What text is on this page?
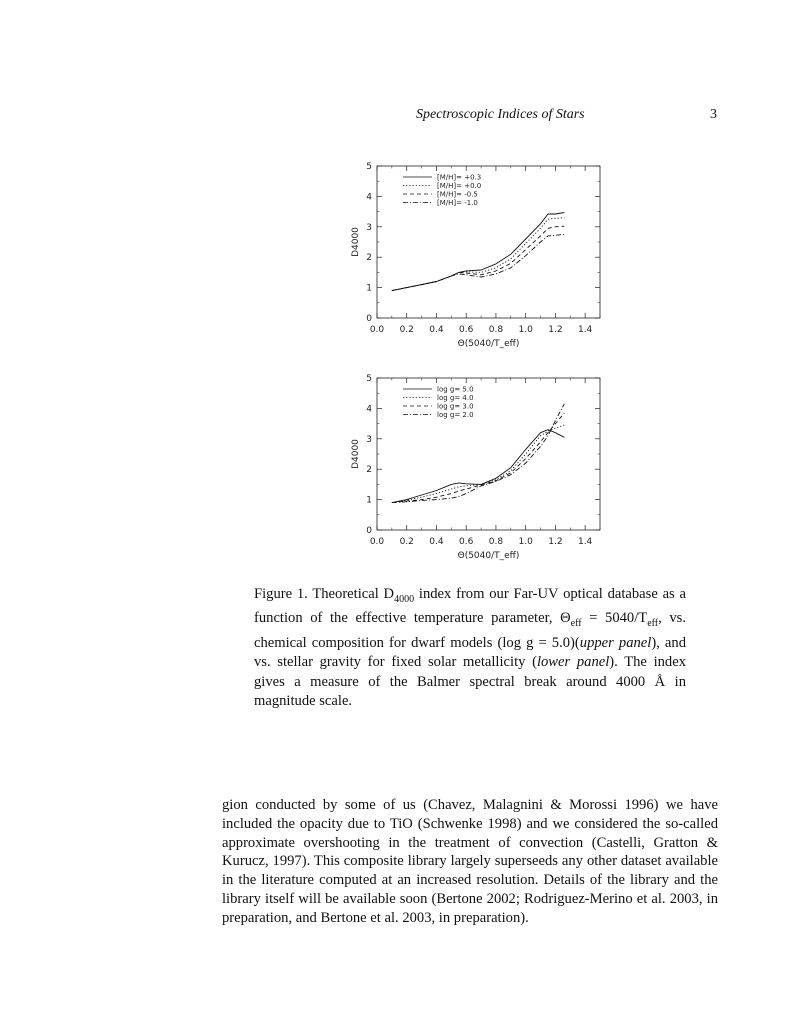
Spectroscopic Indices of Stars	3
0.0 0.2 0.4 0.6 0.8 1.0 1.2 1.4
0
1
2
3
4
5
Θ(5040/T_eff)
D4000
[M/H]= +0.3
[M/H]= +0.0
[M/H]= -0.5
[M/H]= -1.0
0.0 0.2 0.4 0.6 0.8 1.0 1.2 1.4
0
1
2
3
4
5
Θ(5040/T_eff)
D4000
log g= 5.0
log g= 4.0
log g= 3.0
log g= 2.0
Figure 1. Theoretical $D_{4000}$ index from our Far-UV optical database as a function of the effective temperature parameter, $\Theta_{eff} = 5040/T_{eff}$, vs. chemical composition for dwarf models (log g = 5.0)(upper panel), and vs. stellar gravity for fixed solar metallicity (lower panel). The index gives a measure of the Balmer spectral break around 4000 Å in magnitude scale.

gion conducted by some of us (Chavez, Malagnini & Morossi 1996) we have included the opacity due to TiO (Schwenke 1998) and we considered the so-called approximate overshooting in the treatment of convection (Castelli, Gratton & Kurucz, 1997). This composite library largely superseeds any other dataset available in the literature computed at an increased resolution. Details of the library and the library itself will be available soon (Bertone 2002; Rodriguez-Merino et al. 2003, in preparation, and Bertone et al. 2003, in preparation).
